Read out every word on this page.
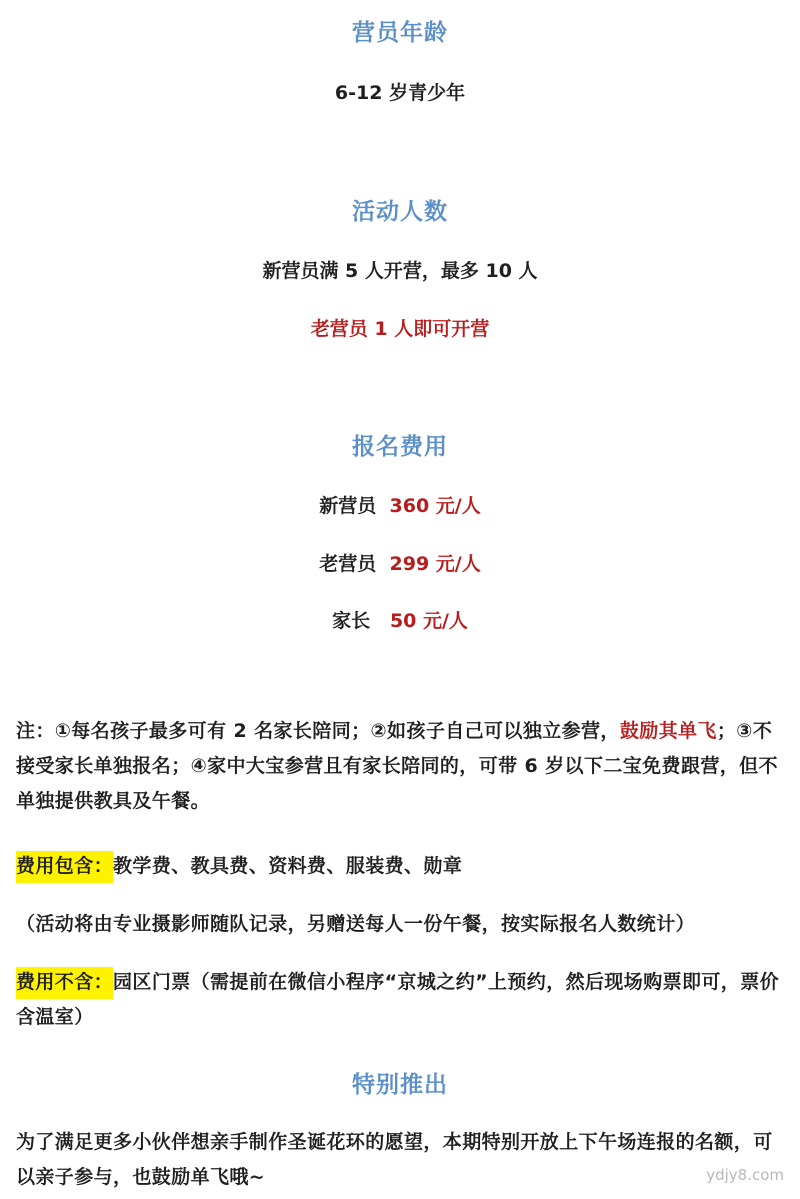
营员年龄
6-12 岁青少年
活动人数
新营员满 5 人开营，最多 10 人
老营员 1 人即可开营
报名费用
新营员 360 元/人
老营员 299 元/人
家长 50 元/人
注：①每名孩子最多可有 2 名家长陪同；②如孩子自己可以独立参营，鼓励其单飞；③不接受家长单独报名；④家中大宝参营且有家长陪同的，可带 6 岁以下二宝免费跟营，但不单独提供教具及午餐。
费用包含：教学费、教具费、资料费、服装费、勋章
（活动将由专业摄影师随队记录，另赠送每人一份午餐，按实际报名人数统计）
费用不含：园区门票（需提前在微信小程序“京城之约”上预约，然后现场购票即可，票价含温室）
特别推出
为了满足更多小伙伴想亲手制作圣诞花环的愿望，本期特别开放上下午场连报的名额，可以亲子参与，也鼓励单飞哦~	ydjy8.com
